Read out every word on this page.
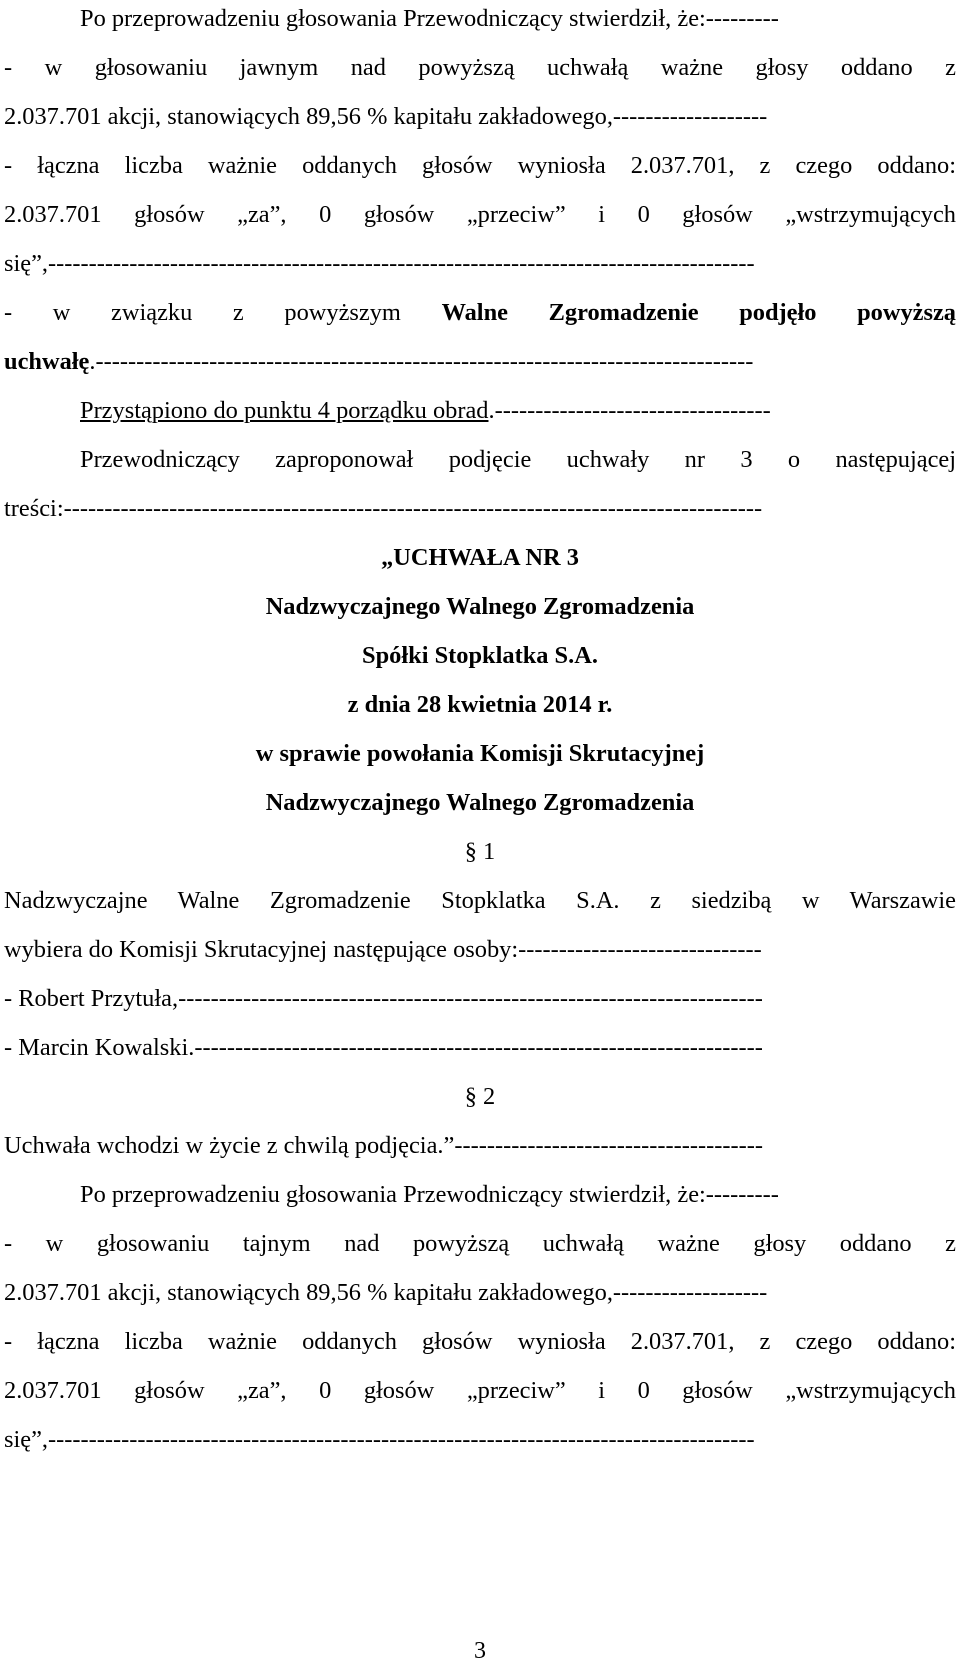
Po przeprowadzeniu głosowania Przewodniczący stwierdził, że:---------
- w głosowaniu jawnym nad powyższą uchwałą ważne głosy oddano z
2.037.701 akcji, stanowiących 89,56 % kapitału zakładowego,-------------------
- łączna liczba ważnie oddanych głosów wyniosła 2.037.701, z czego oddano:
2.037.701 głosów „za”, 0 głosów „przeciw” i 0 głosów „wstrzymujących
się”,---------------------------------------------------------------------------------------
- w związku z powyższym Walne Zgromadzenie podjęło powyższą
uchwałę.---------------------------------------------------------------------------------
Przystąpiono do punktu 4 porządku obrad.----------------------------------
Przewodniczący zaproponował podjęcie uchwały nr 3 o następującej
treści:--------------------------------------------------------------------------------------
„UCHWAŁA NR 3
Nadzwyczajnego Walnego Zgromadzenia
Spółki Stopklatka S.A.
z dnia 28 kwietnia 2014 r.
w sprawie powołania Komisji Skrutacyjnej
Nadzwyczajnego Walnego Zgromadzenia
§ 1
Nadzwyczajne Walne Zgromadzenie Stopklatka S.A. z siedzibą w Warszawie
wybiera do Komisji Skrutacyjnej następujące osoby:------------------------------
- Robert Przytuła,------------------------------------------------------------------------
- Marcin Kowalski.----------------------------------------------------------------------
§ 2
Uchwała wchodzi w życie z chwilą podjęcia.”--------------------------------------
Po przeprowadzeniu głosowania Przewodniczący stwierdził, że:---------
- w głosowaniu tajnym nad powyższą uchwałą ważne głosy oddano z
2.037.701 akcji, stanowiących 89,56 % kapitału zakładowego,-------------------
- łączna liczba ważnie oddanych głosów wyniosła 2.037.701, z czego oddano:
2.037.701 głosów „za”, 0 głosów „przeciw” i 0 głosów „wstrzymujących
się”,---------------------------------------------------------------------------------------
3
